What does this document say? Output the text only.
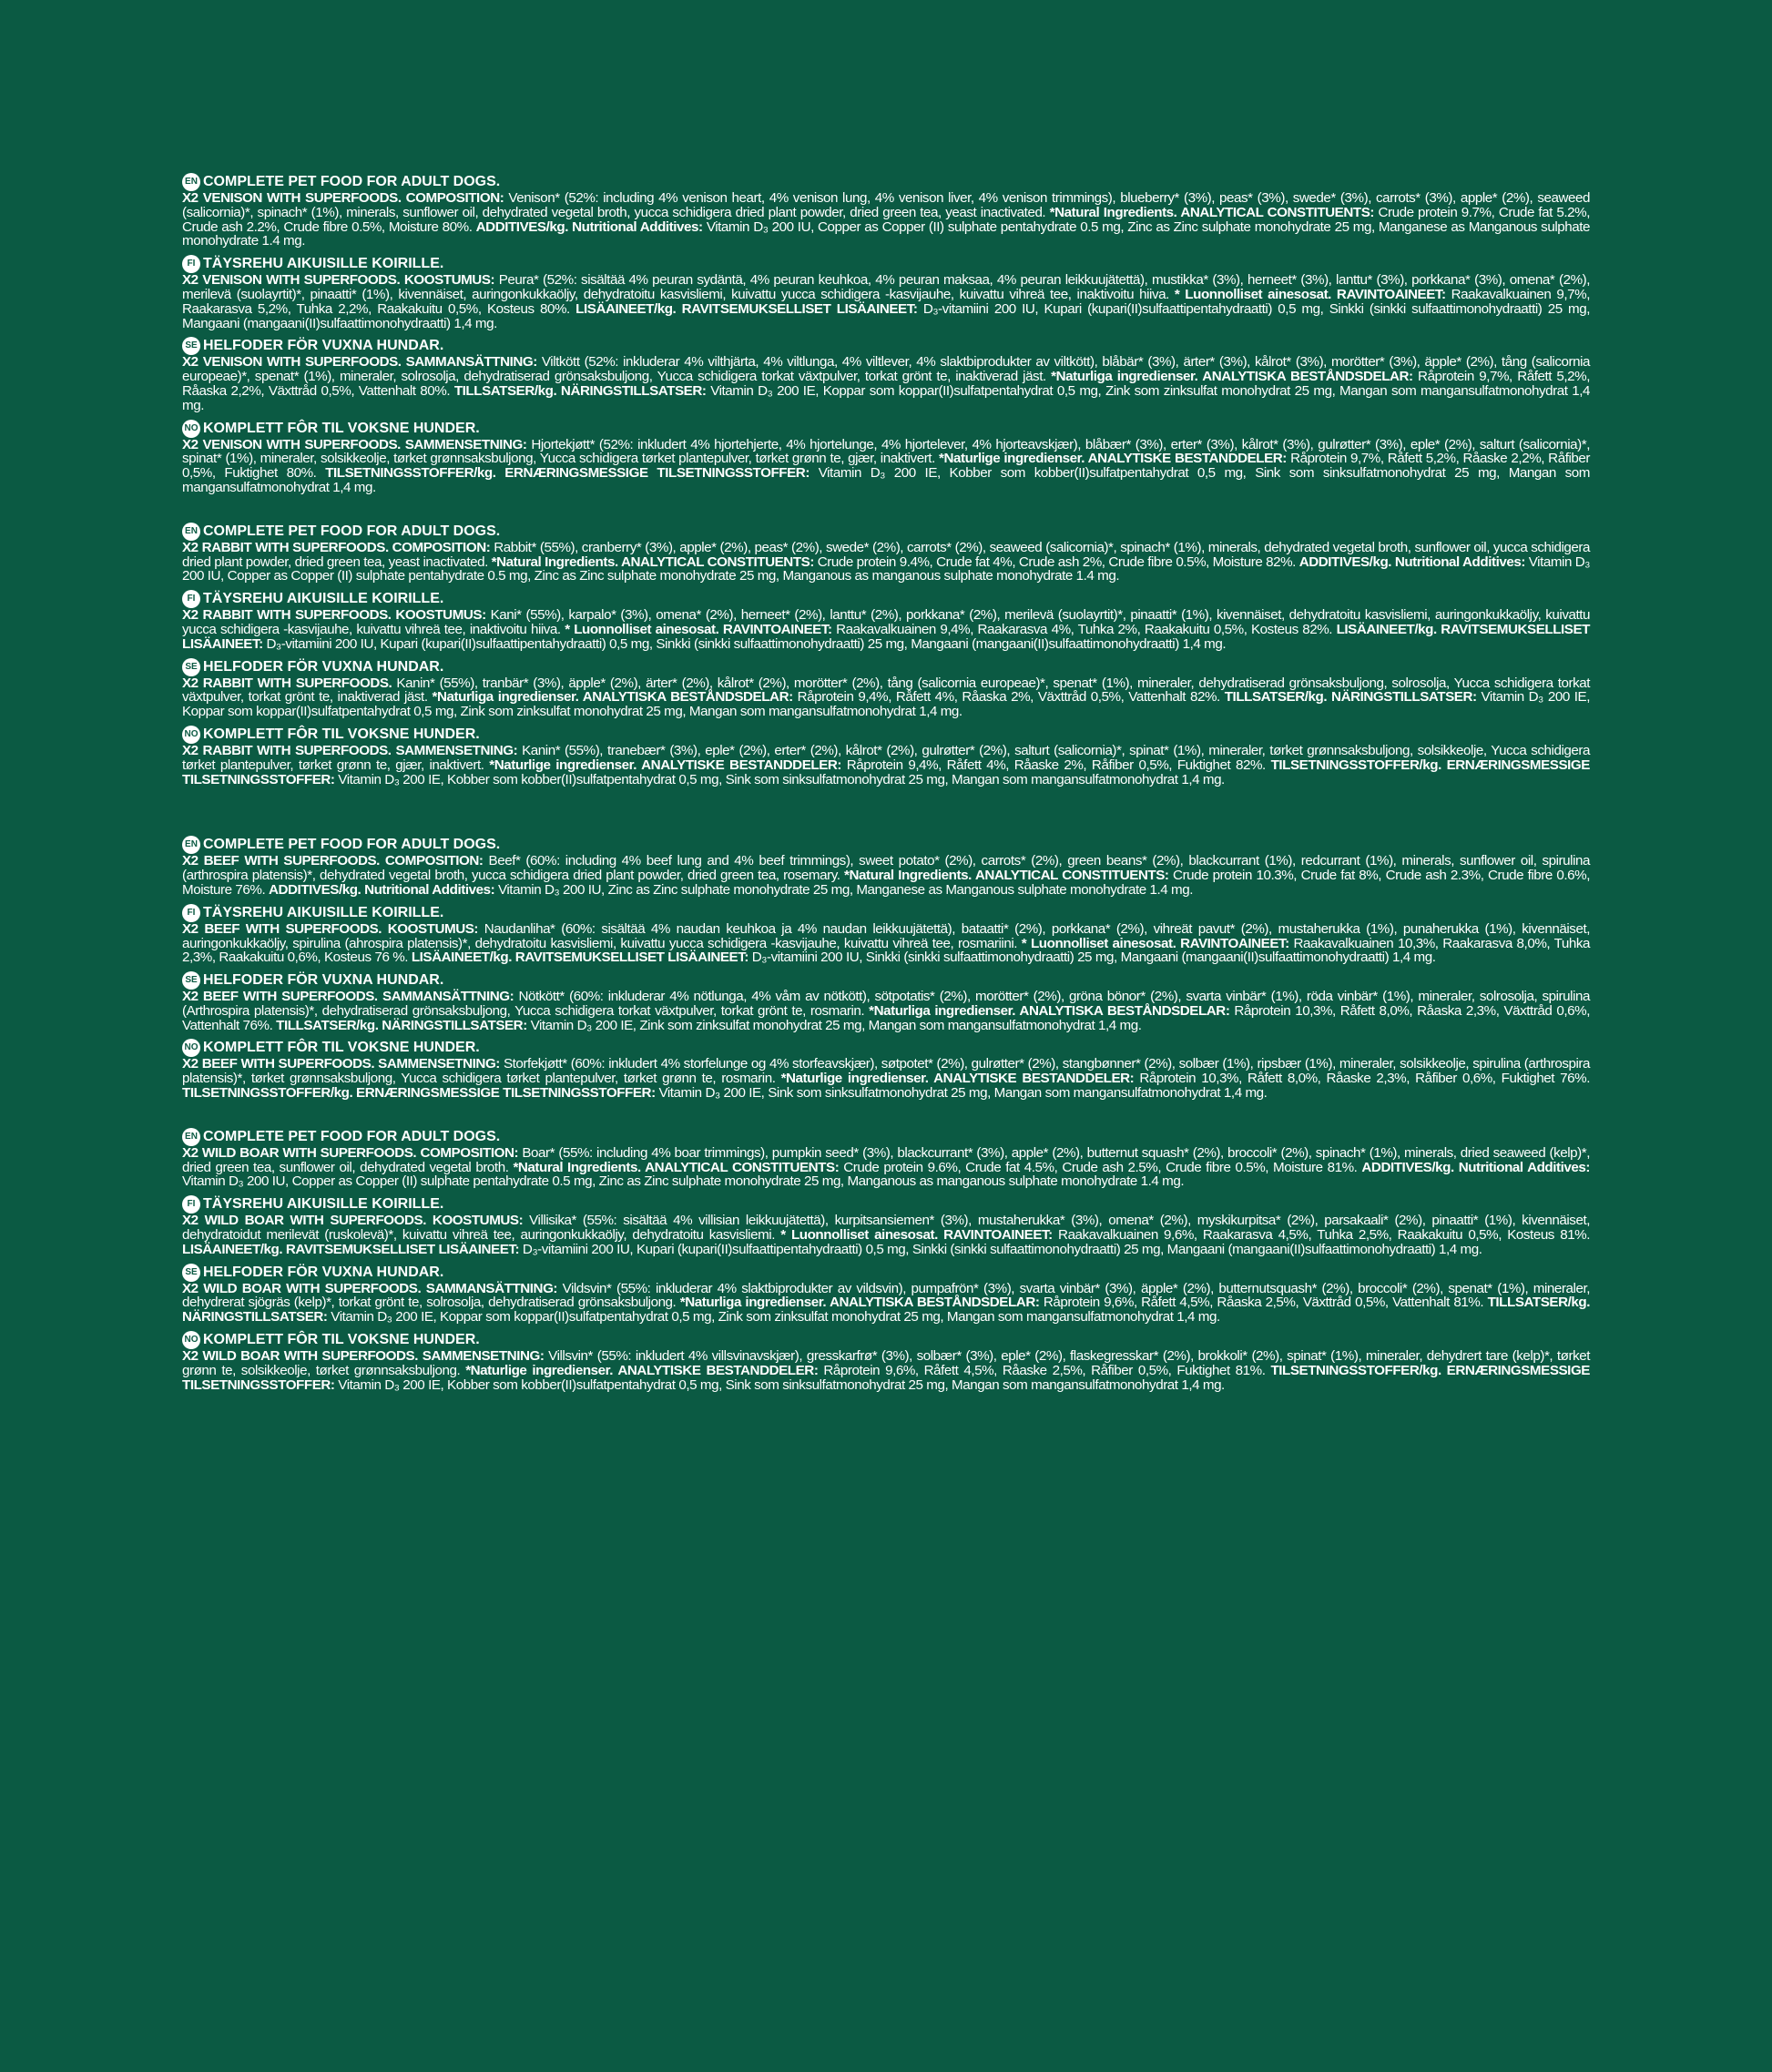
EN COMPLETE PET FOOD FOR ADULT DOGS.
X2 VENISON WITH SUPERFOODS. COMPOSITION: Venison* (52%: including 4% venison heart, 4% venison lung, 4% venison liver, 4% venison trimmings), blueberry* (3%), peas* (3%), swede* (3%), carrots* (3%), apple* (2%), seaweed (salicornia)*, spinach* (1%), minerals, sunflower oil, dehydrated vegetal broth, yucca schidigera dried plant powder, dried green tea, yeast inactivated. *Natural Ingredients. ANALYTICAL CONSTITUENTS: Crude protein 9.7%, Crude fat 5.2%, Crude ash 2.2%, Crude fibre 0.5%, Moisture 80%. ADDITIVES/kg. Nutritional Additives: Vitamin D₃ 200 IU, Copper as Copper (II) sulphate pentahydrate 0.5 mg, Zinc as Zinc sulphate monohydrate 25 mg, Manganese as Manganous sulphate monohydrate 1.4 mg.
FI TÄYSREHU AIKUISILLE KOIRILLE.
X2 VENISON WITH SUPERFOODS. KOOSTUMUS: Peura* (52%: sisältää 4% peuran sydäntä, 4% peuran keuhkoa, 4% peuran maksaa, 4% peuran leikkuujätettä), mustikka* (3%), herneet* (3%), lanttu* (3%), porkkana* (3%), omena* (2%), merilevä (suolayrtit)*, pinaatti* (1%), kivennäiset, auringonkukkaöljy, dehydratoitu kasvisliemi, kuivattu yucca schidigera -kasvijauhe, kuivattu vihreä tee, inaktivoitu hiiva. * Luonnolliset ainesosat. RAVINTOAINEET: Raakavalkuainen 9,7%, Raakarasva 5,2%, Tuhka 2,2%, Raakakuitu 0,5%, Kosteus 80%. LISÄAINEET/kg. RAVITSEMUKSELLISET LISÄAINEET: D₃-vitamiini 200 IU, Kupari (kupari(II)sulfaattipentahydraatti) 0,5 mg, Sinkki (sinkki sulfaattimonohydraatti) 25 mg, Mangaani (mangaani(II)sulfaattimonohydraatti) 1,4 mg.
SE HELFODER FÖR VUXNA HUNDAR.
X2 VENISON WITH SUPERFOODS. SAMMANSÄTTNING: Viltkött (52%: inkluderar 4% vilthjärta, 4% viltlunga, 4% viltlever, 4% slaktbiprodukter av viltkött), blåbär* (3%), ärter* (3%), kålrot* (3%), morötter* (3%), äpple* (2%), tång (salicornia europeae)*, spenat* (1%), mineraler, solrosolja, dehydratiserad grönsaksbuljong, Yucca schidigera torkat växtpulver, torkat grönt te, inaktiverad jäst. *Naturliga ingredienser. ANALYTISKA BESTÅNDSDELAR: Råprotein 9,7%, Råfett 5,2%, Råaska 2,2%, Växttråd 0,5%, Vattenhalt 80%. TILLSATSER/kg. NÄRINGSTILLSATSER: Vitamin D₃ 200 IE, Koppar som koppar(II)sulfatpentahydrat 0,5 mg, Zink som zinksulfat monohydrat 25 mg, Mangan som mangansulfatmonohydrat 1,4 mg.
NO KOMPLETT FÔR TIL VOKSNE HUNDER.
X2 VENISON WITH SUPERFOODS. SAMMENSETNING: Hjortekjøtt* (52%: inkludert 4% hjortehjerte, 4% hjortelunge, 4% hjortelever, 4% hjorteavskjær), blåbær* (3%), erter* (3%), kålrot* (3%), gulrøtter* (3%), eple* (2%), salturt (salicornia)*, spinat* (1%), mineraler, solsikkeolje, tørket grønnsaksbuljong, Yucca schidigera tørket plantepulver, tørket grønn te, gjær, inaktivert. *Naturlige ingredienser. ANALYTISKE BESTANDDELER: Råprotein 9,7%, Råfett 5,2%, Råaske 2,2%, Råfiber 0,5%, Fuktighet 80%. TILSETNINGSSTOFFER/kg. ERNÆRINGSMESSIGE TILSETNINGSSTOFFER: Vitamin D₃ 200 IE, Kobber som kobber(II)sulfatpentahydrat 0,5 mg, Sink som sinksulfatmonohydrat 25 mg, Mangan som mangansulfatmonohydrat 1,4 mg.
EN COMPLETE PET FOOD FOR ADULT DOGS.
X2 RABBIT WITH SUPERFOODS. COMPOSITION: Rabbit* (55%), cranberry* (3%), apple* (2%), peas* (2%), swede* (2%), carrots* (2%), seaweed (salicornia)*, spinach* (1%), minerals, dehydrated vegetal broth, sunflower oil, yucca schidigera dried plant powder, dried green tea, yeast inactivated. *Natural Ingredients. ANALYTICAL CONSTITUENTS: Crude protein 9.4%, Crude fat 4%, Crude ash 2%, Crude fibre 0.5%, Moisture 82%. ADDITIVES/kg. Nutritional Additives: Vitamin D₃ 200 IU, Copper as Copper (II) sulphate pentahydrate 0.5 mg, Zinc as Zinc sulphate monohydrate 25 mg, Manganous as manganous sulphate monohydrate 1.4 mg.
FI TÄYSREHU AIKUISILLE KOIRILLE.
X2 RABBIT WITH SUPERFOODS. KOOSTUMUS: Kani* (55%), karpalo* (3%), omena* (2%), herneet* (2%), lanttu* (2%), porkkana* (2%), merilevä (suolayrtit)*, pinaatti* (1%), kivennäiset, dehydratoitu kasvisliemi, auringonkukkaöljy, kuivattu yucca schidigera -kasvijauhe, kuivattu vihreä tee, inaktivoitu hiiva. * Luonnolliset ainesosat. RAVINTOAINEET: Raakavalkuainen 9,4%, Raakarasva 4%, Tuhka 2%, Raakakuitu 0,5%, Kosteus 82%. LISÄAINEET/kg. RAVITSEMUKSELLISET LISÄAINEET: D₃-vitamiini 200 IU, Kupari (kupari(II)sulfaattipentahydraatti) 0,5 mg, Sinkki (sinkki sulfaattimonohydraatti) 25 mg, Mangaani (mangaani(II)sulfaattimonohydraatti) 1,4 mg.
SE HELFODER FÖR VUXNA HUNDAR.
X2 RABBIT WITH SUPERFOODS. Kanin* (55%), tranbär* (3%), äpple* (2%), ärter* (2%), kålrot* (2%), morötter* (2%), tång (salicornia europeae)*, spenat* (1%), mineraler, dehydratiserad grönsaksbuljong, solrosolja, Yucca schidigera torkat växtpulver, torkat grönt te, inaktiverad jäst. *Naturliga ingredienser. ANALYTISKA BESTÅNDSDELAR: Råprotein 9,4%, Råfett 4%, Råaska 2%, Växttråd 0,5%, Vattenhalt 82%. TILLSATSER/kg. NÄRINGSTILLSATSER: Vitamin D₃ 200 IE, Koppar som koppar(II)sulfatpentahydrat 0,5 mg, Zink som zinksulfat monohydrat 25 mg, Mangan som mangansulfatmonohydrat 1,4 mg.
NO KOMPLETT FÔR TIL VOKSNE HUNDER.
X2 RABBIT WITH SUPERFOODS. SAMMENSETNING: Kanin* (55%), tranebær* (3%), eple* (2%), erter* (2%), kålrot* (2%), gulrøtter* (2%), salturt (salicornia)*, spinat* (1%), mineraler, tørket grønnsaksbuljong, solsikkeolje, Yucca schidigera tørket plantepulver, tørket grønn te, gjær, inaktivert. *Naturlige ingredienser. ANALYTISKE BESTANDDELER: Råprotein 9,4%, Råfett 4%, Råaske 2%, Råfiber 0,5%, Fuktighet 82%. TILSETNINGSSTOFFER/kg. ERNÆRINGSMESSIGE TILSETNINGSSTOFFER: Vitamin D₃ 200 IE, Kobber som kobber(II)sulfatpentahydrat 0,5 mg, Sink som sinksulfatmonohydrat 25 mg, Mangan som mangansulfatmonohydrat 1,4 mg.
EN COMPLETE PET FOOD FOR ADULT DOGS.
X2 BEEF WITH SUPERFOODS. COMPOSITION: Beef* (60%: including 4% beef lung and 4% beef trimmings), sweet potato* (2%), carrots* (2%), green beans* (2%), blackcurrant (1%), redcurrant (1%), minerals, sunflower oil, spirulina (arthrospira platensis)*, dehydrated vegetal broth, yucca schidigera dried plant powder, dried green tea, rosemary. *Natural Ingredients. ANALYTICAL CONSTITUENTS: Crude protein 10.3%, Crude fat 8%, Crude ash 2.3%, Crude fibre 0.6%, Moisture 76%. ADDITIVES/kg. Nutritional Additives: Vitamin D₃ 200 IU, Zinc as Zinc sulphate monohydrate 25 mg, Manganese as Manganous sulphate monohydrate 1.4 mg.
FI TÄYSREHU AIKUISILLE KOIRILLE.
X2 BEEF WITH SUPERFOODS. KOOSTUMUS: Naudanliha* (60%: sisältää 4% naudan keuhkoa ja 4% naudan leikkuujätettä), bataatti* (2%), porkkana* (2%), vihreät pavut* (2%), mustaherukka (1%), punaherukka (1%), kivennäiset, auringonkukkaöljy, spirulina (ahrospira platensis)*, dehydratoitu kasvisliemi, kuivattu yucca schidigera -kasvijauhe, kuivattu vihreä tee, rosmariini. * Luonnolliset ainesosat. RAVINTOAINEET: Raakavalkuainen 10,3%, Raakarasva 8,0%, Tuhka 2,3%, Raakakuitu 0,6%, Kosteus 76 %. LISÄAINEET/kg. RAVITSEMUKSELLISET LISÄAINEET: D₃-vitamiini 200 IU, Sinkki (sinkki sulfaattimonohydraatti) 25 mg, Mangaani (mangaani(II)sulfaattimonohydraatti) 1,4 mg.
SE HELFODER FÖR VUXNA HUNDAR.
X2 BEEF WITH SUPERFOODS. SAMMANSÄTTNING: Nötkött* (60%: inkluderar 4% nötlunga, 4% våm av nötkött), sötpotatis* (2%), morötter* (2%), gröna bönor* (2%), svarta vinbär* (1%), röda vinbär* (1%), mineraler, solrosolja, spirulina (Arthrospira platensis)*, dehydratiserad grönsaksbuljong, Yucca schidigera torkat växtpulver, torkat grönt te, rosmarin. *Naturliga ingredienser. ANALYTISKA BESTÅNDSDELAR: Råprotein 10,3%, Råfett 8,0%, Råaska 2,3%, Växttråd 0,6%, Vattenhalt 76%. TILLSATSER/kg. NÄRINGSTILLSATSER: Vitamin D₃ 200 IE, Zink som zinksulfat monohydrat 25 mg, Mangan som mangansulfatmonohydrat 1,4 mg.
NO KOMPLETT FÔR TIL VOKSNE HUNDER.
X2 BEEF WITH SUPERFOODS. SAMMENSETNING: Storfekjøtt* (60%: inkludert 4% storfelunge og 4% storfeavskjær), søtpotet* (2%), gulrøtter* (2%), stangbønner* (2%), solbær (1%), ripsbær (1%), mineraler, solsikkeolje, spirulina (arthrospira platensis)*, tørket grønnsaksbuljong, Yucca schidigera tørket plantepulver, tørket grønn te, rosmarin. *Naturlige ingredienser. ANALYTISKE BESTANDDELER: Råprotein 10,3%, Råfett 8,0%, Råaske 2,3%, Råfiber 0,6%, Fuktighet 76%. TILSETNINGSSTOFFER/kg. ERNÆRINGSMESSIGE TILSETNINGSSTOFFER: Vitamin D₃ 200 IE, Sink som sinksulfatmonohydrat 25 mg, Mangan som mangansulfatmonohydrat 1,4 mg.
EN COMPLETE PET FOOD FOR ADULT DOGS.
X2 WILD BOAR WITH SUPERFOODS. COMPOSITION: Boar* (55%: including 4% boar trimmings), pumpkin seed* (3%), blackcurrant* (3%), apple* (2%), butternut squash* (2%), broccoli* (2%), spinach* (1%), minerals, dried seaweed (kelp)*, dried green tea, sunflower oil, dehydrated vegetal broth. *Natural Ingredients. ANALYTICAL CONSTITUENTS: Crude protein 9.6%, Crude fat 4.5%, Crude ash 2.5%, Crude fibre 0.5%, Moisture 81%. ADDITIVES/kg. Nutritional Additives: Vitamin D₃ 200 IU, Copper as Copper (II) sulphate pentahydrate 0.5 mg, Zinc as Zinc sulphate monohydrate 25 mg, Manganous as manganous sulphate monohydrate 1.4 mg.
FI TÄYSREHU AIKUISILLE KOIRILLE.
X2 WILD BOAR WITH SUPERFOODS. KOOSTUMUS: Villisika* (55%: sisältää 4% villisian leikkuujätettä), kurpitsansiemen* (3%), mustaherukka* (3%), omena* (2%), myskikurpitsa* (2%), parsakaali* (2%), pinaatti* (1%), kivennäiset, dehydratoidut merilevät (ruskolevä)*, kuivattu vihreä tee, auringonkukkaöljy, dehydratoitu kasvisliemi. * Luonnolliset ainesosat. RAVINTOAINEET: Raakavalkuainen 9,6%, Raakarasva 4,5%, Tuhka 2,5%, Raakakuitu 0,5%, Kosteus 81%. LISÄAINEET/kg. RAVITSEMUKSELLISET LISÄAINEET: D₃-vitamiini 200 IU, Kupari (kupari(II)sulfaattipentahydraatti) 0,5 mg, Sinkki (sinkki sulfaattimonohydraatti) 25 mg, Mangaani (mangaani(II)sulfaattimonohydraatti) 1,4 mg.
SE HELFODER FÖR VUXNA HUNDAR.
X2 WILD BOAR WITH SUPERFOODS. SAMMANSÄTTNING: Vildsvin* (55%: inkluderar 4% slaktbiprodukter av vildsvin), pumpafrön* (3%), svarta vinbär* (3%), äpple* (2%), butternutsquash* (2%), broccoli* (2%), spenat* (1%), mineraler, dehydrerat sjögräs (kelp)*, torkat grönt te, solrosolja, dehydratiserad grönsaksbuljong. *Naturliga ingredienser. ANALYTISKA BESTÅNDSDELAR: Råprotein 9,6%, Råfett 4,5%, Råaska 2,5%, Växttråd 0,5%, Vattenhalt 81%. TILLSATSER/kg. NÄRINGSTILLSATSER: Vitamin D₃ 200 IE, Koppar som koppar(II)sulfatpentahydrat 0,5 mg, Zink som zinksulfat monohydrat 25 mg, Mangan som mangansulfatmonohydrat 1,4 mg.
NO KOMPLETT FÔR TIL VOKSNE HUNDER.
X2 WILD BOAR WITH SUPERFOODS. SAMMENSETNING: Villsvin* (55%: inkludert 4% villsvinavskjær), gresskarfrø* (3%), solbær* (3%), eple* (2%), flaskegresskar* (2%), brokkoli* (2%), spinat* (1%), mineraler, dehydrert tare (kelp)*, tørket grønn te, solsikkeolje, tørket grønnsaksbuljong. *Naturlige ingredienser. ANALYTISKE BESTANDDELER: Råprotein 9,6%, Råfett 4,5%, Råaske 2,5%, Råfiber 0,5%, Fuktighet 81%. TILSETNINGSSTOFFER/kg. ERNÆRINGSMESSIGE TILSETNINGSSTOFFER: Vitamin D₃ 200 IE, Kobber som kobber(II)sulfatpentahydrat 0,5 mg, Sink som sinksulfatmonohydrat 25 mg, Mangan som mangansulfatmonohydrat 1,4 mg.
